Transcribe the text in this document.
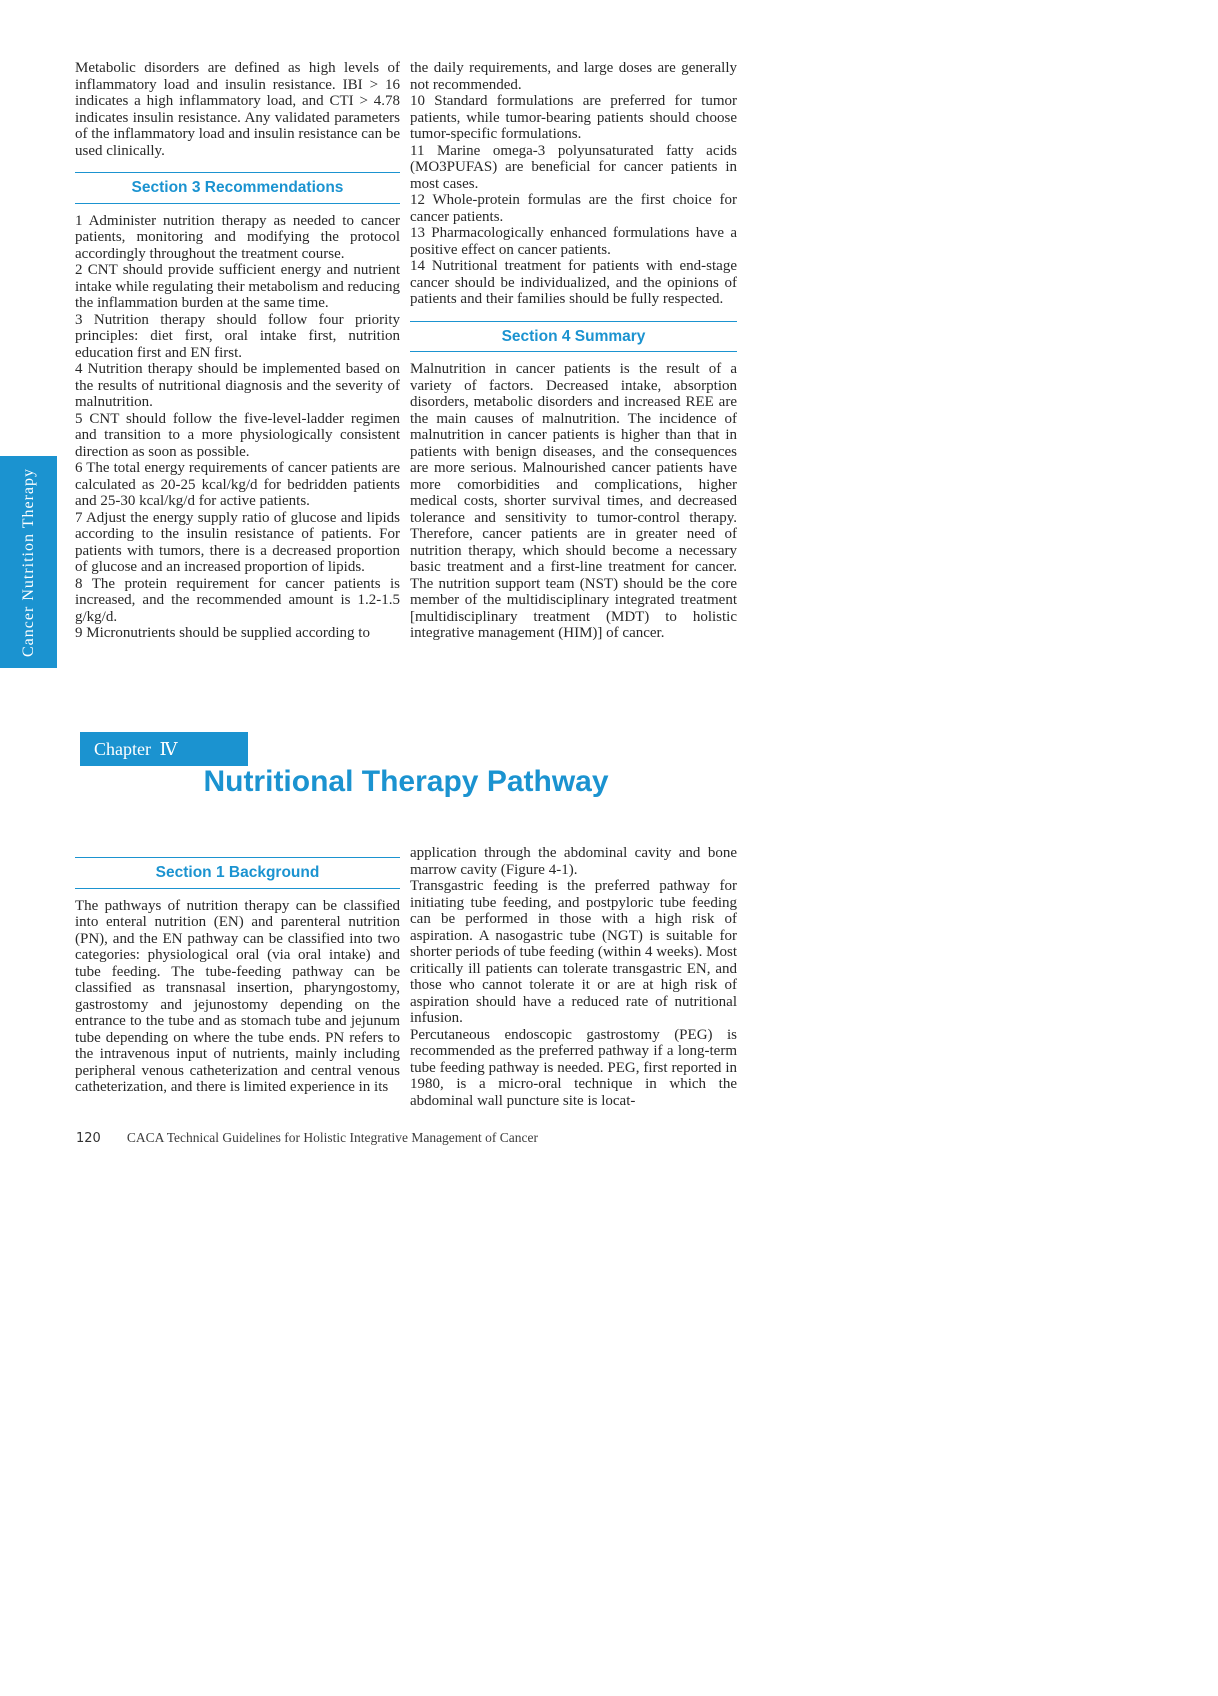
Cancer Nutrition Therapy

Metabolic disorders are defined as high levels of inflammatory load and insulin resistance. IBI > 16 indicates a high inflammatory load, and CTI > 4.78 indicates insulin resistance. Any validated parameters of the inflammatory load and insulin resistance can be used clinically.

Section 3 Recommendations

1 Administer nutrition therapy as needed to cancer patients, monitoring and modifying the protocol accordingly throughout the treatment course.

2 CNT should provide sufficient energy and nutrient intake while regulating their metabolism and reducing the inflammation burden at the same time.

3 Nutrition therapy should follow four priority principles: diet first, oral intake first, nutrition education first and EN first.

4 Nutrition therapy should be implemented based on the results of nutritional diagnosis and the severity of malnutrition.

5 CNT should follow the five-level-ladder regimen and transition to a more physiologically consistent direction as soon as possible.

6 The total energy requirements of cancer patients are calculated as 20-25 kcal/kg/d for bedridden patients and 25-30 kcal/kg/d for active patients.

7 Adjust the energy supply ratio of glucose and lipids according to the insulin resistance of patients. For patients with tumors, there is a decreased proportion of glucose and an increased proportion of lipids.

8 The protein requirement for cancer patients is increased, and the recommended amount is 1.2-1.5 g/kg/d.

9 Micronutrients should be supplied according to

the daily requirements, and large doses are generally not recommended.

10 Standard formulations are preferred for tumor patients, while tumor-bearing patients should choose tumor-specific formulations.

11 Marine omega-3 polyunsaturated fatty acids (MO3PUFAS) are beneficial for cancer patients in most cases.

12 Whole-protein formulas are the first choice for cancer patients.

13 Pharmacologically enhanced formulations have a positive effect on cancer patients.

14 Nutritional treatment for patients with end-stage cancer should be individualized, and the opinions of patients and their families should be fully respected.

Section 4 Summary

Malnutrition in cancer patients is the result of a variety of factors. Decreased intake, absorption disorders, metabolic disorders and increased REE are the main causes of malnutrition. The incidence of malnutrition in cancer patients is higher than that in patients with benign diseases, and the consequences are more serious. Malnourished cancer patients have more comorbidities and complications, higher medical costs, shorter survival times, and decreased tolerance and sensitivity to tumor-control therapy. Therefore, cancer patients are in greater need of nutrition therapy, which should become a necessary basic treatment and a first-line treatment for cancer. The nutrition support team (NST) should be the core member of the multidisciplinary integrated treatment [multidisciplinary treatment (MDT) to holistic integrative management (HIM)] of cancer.

Chapter Ⅳ
Nutritional Therapy Pathway
Section 1 Background

The pathways of nutrition therapy can be classified into enteral nutrition (EN) and parenteral nutrition (PN), and the EN pathway can be classified into two categories: physiological oral (via oral intake) and tube feeding. The tube-feeding pathway can be classified as transnasal insertion, pharyngostomy, gastrostomy and jejunostomy depending on the entrance to the tube and as stomach tube and jejunum tube depending on where the tube ends. PN refers to the intravenous input of nutrients, mainly including peripheral venous catheterization and central venous catheterization, and there is limited experience in its

application through the abdominal cavity and bone marrow cavity (Figure 4-1).

Transgastric feeding is the preferred pathway for initiating tube feeding, and postpyloric tube feeding can be performed in those with a high risk of aspiration. A nasogastric tube (NGT) is suitable for shorter periods of tube feeding (within 4 weeks). Most critically ill patients can tolerate transgastric EN, and those who cannot tolerate it or are at high risk of aspiration should have a reduced rate of nutritional infusion.

Percutaneous endoscopic gastrostomy (PEG) is recommended as the preferred pathway if a long-term tube feeding pathway is needed. PEG, first reported in 1980, is a micro-oral technique in which the abdominal wall puncture site is locat-

120 CACA Technical Guidelines for Holistic Integrative Management of Cancer
